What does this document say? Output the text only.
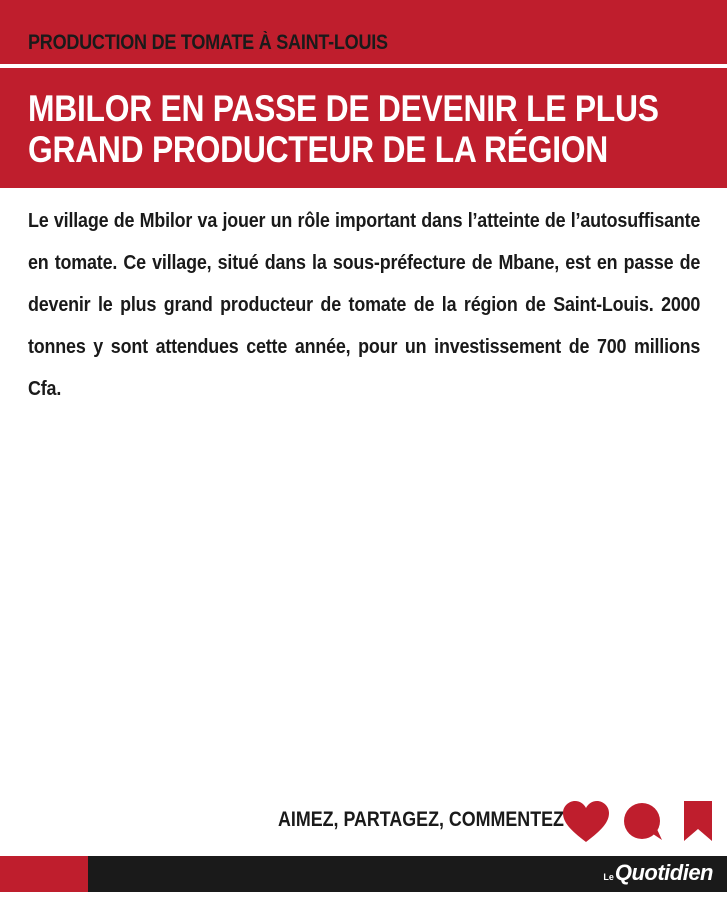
PRODUCTION DE TOMATE À SAINT-LOUIS
MBILOR EN PASSE DE DEVENIR LE PLUS GRAND PRODUCTEUR DE LA RÉGION

Le village de Mbilor va jouer un rôle important dans l’atteinte de l’autosuffisante en tomate. Ce village, situé dans la sous-préfecture de Mbane, est en passe de devenir le plus grand producteur de tomate de la région de Saint-Louis. 2000 tonnes y sont attendues cette année, pour un investissement de 700 millions Cfa.

AIMEZ, PARTAGEZ, COMMENTEZ
LeQuotidien
